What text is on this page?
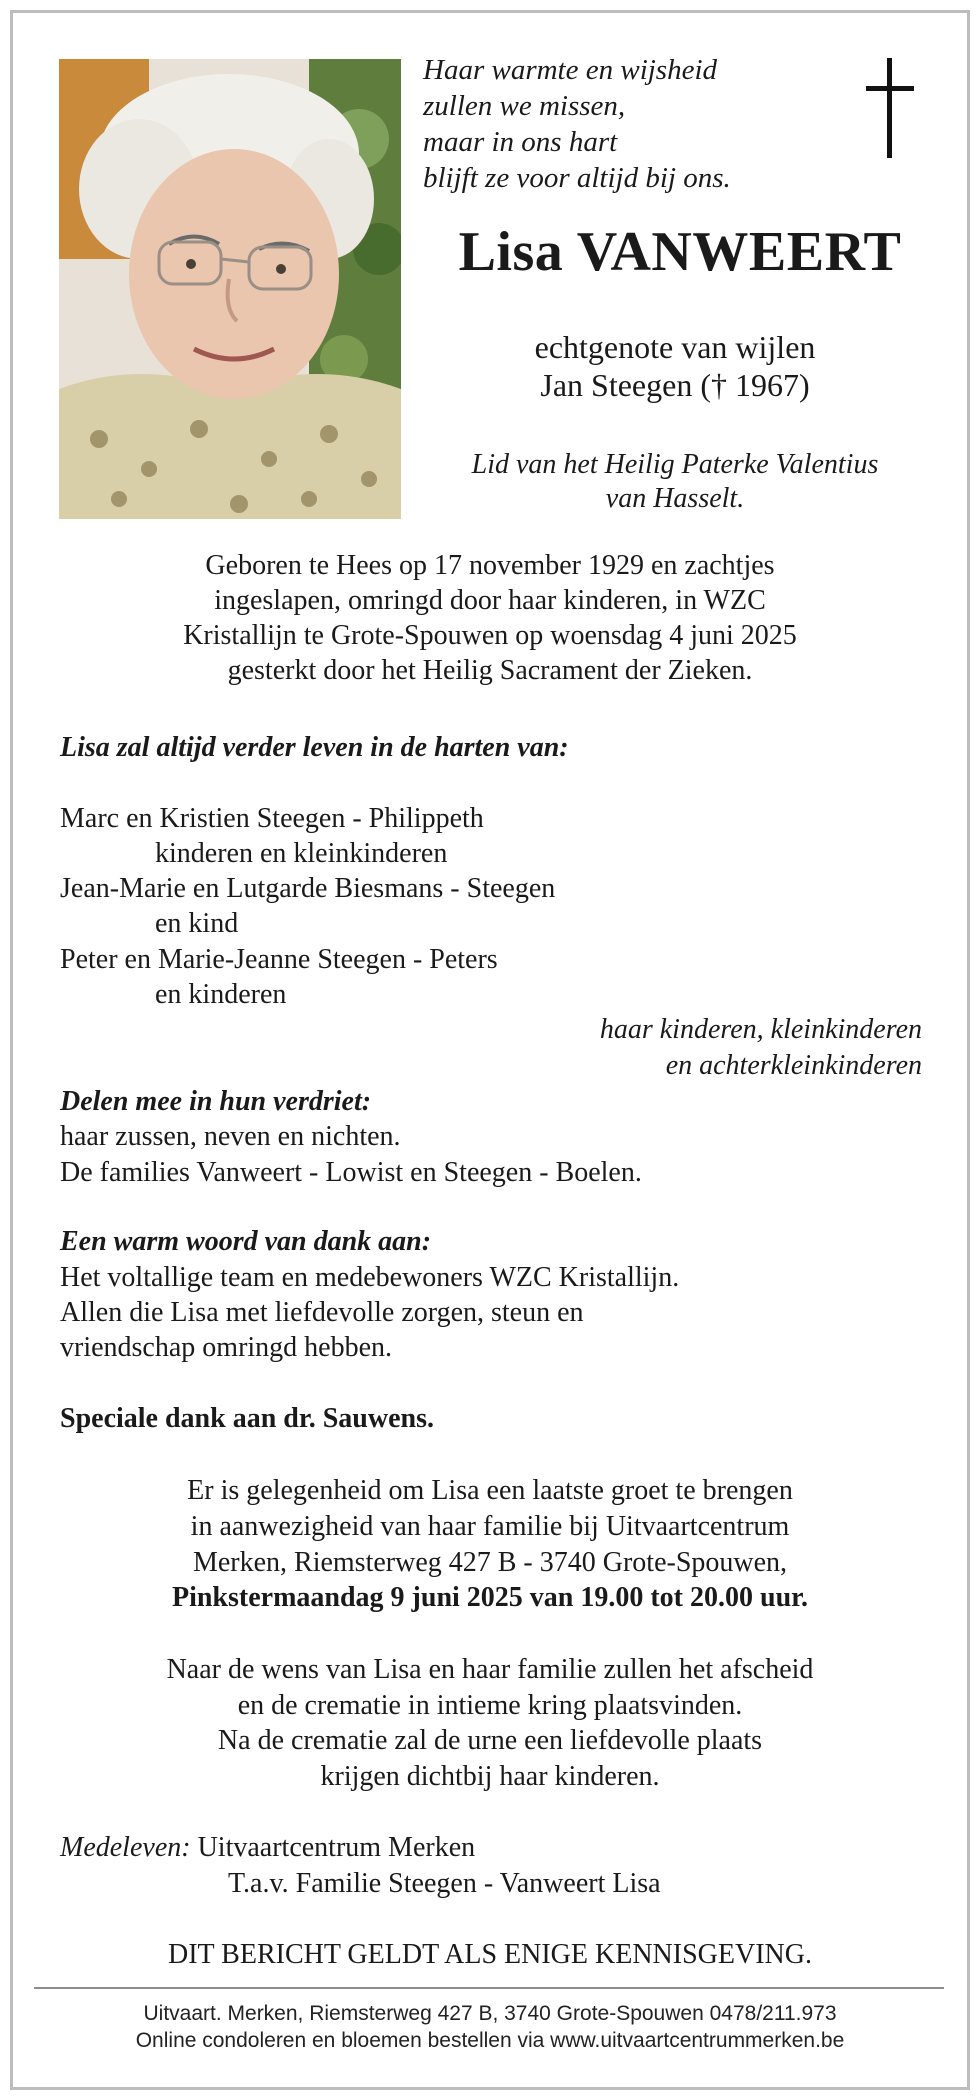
Haar warmte en wijsheid
zullen we missen,
maar in ons hart
blijft ze voor altijd bij ons.
Lisa VANWEERT
echtgenote van wijlen
Jan Steegen († 1967)
Lid van het Heilig Paterke Valentius
van Hasselt.
Geboren te Hees op 17 november 1929 en zachtjes
ingeslapen, omringd door haar kinderen, in WZC
Kristallijn te Grote-Spouwen op woensdag 4 juni 2025
gesterkt door het Heilig Sacrament der Zieken.
Lisa zal altijd verder leven in de harten van:
Marc en Kristien Steegen - Philippeth
kinderen en kleinkinderen
Jean-Marie en Lutgarde Biesmans - Steegen
en kind
Peter en Marie-Jeanne Steegen - Peters
en kinderen
haar kinderen, kleinkinderen
en achterkleinkinderen
Delen mee in hun verdriet:
haar zussen, neven en nichten.
De families Vanweert - Lowist en Steegen - Boelen.
Een warm woord van dank aan:
Het voltallige team en medebewoners WZC Kristallijn.
Allen die Lisa met liefdevolle zorgen, steun en
vriendschap omringd hebben.
Speciale dank aan dr. Sauwens.
Er is gelegenheid om Lisa een laatste groet te brengen
in aanwezigheid van haar familie bij Uitvaartcentrum
Merken, Riemsterweg 427 B - 3740 Grote-Spouwen,
Pinkstermaandag 9 juni 2025 van 19.00 tot 20.00 uur.
Naar de wens van Lisa en haar familie zullen het afscheid
en de crematie in intieme kring plaatsvinden.
Na de crematie zal de urne een liefdevolle plaats
krijgen dichtbij haar kinderen.
Medeleven: Uitvaartcentrum Merken
T.a.v. Familie Steegen - Vanweert Lisa
DIT BERICHT GELDT ALS ENIGE KENNISGEVING.
Uitvaart. Merken, Riemsterweg 427 B, 3740 Grote-Spouwen 0478/211.973
Online condoleren en bloemen bestellen via www.uitvaartcentrummerken.be
